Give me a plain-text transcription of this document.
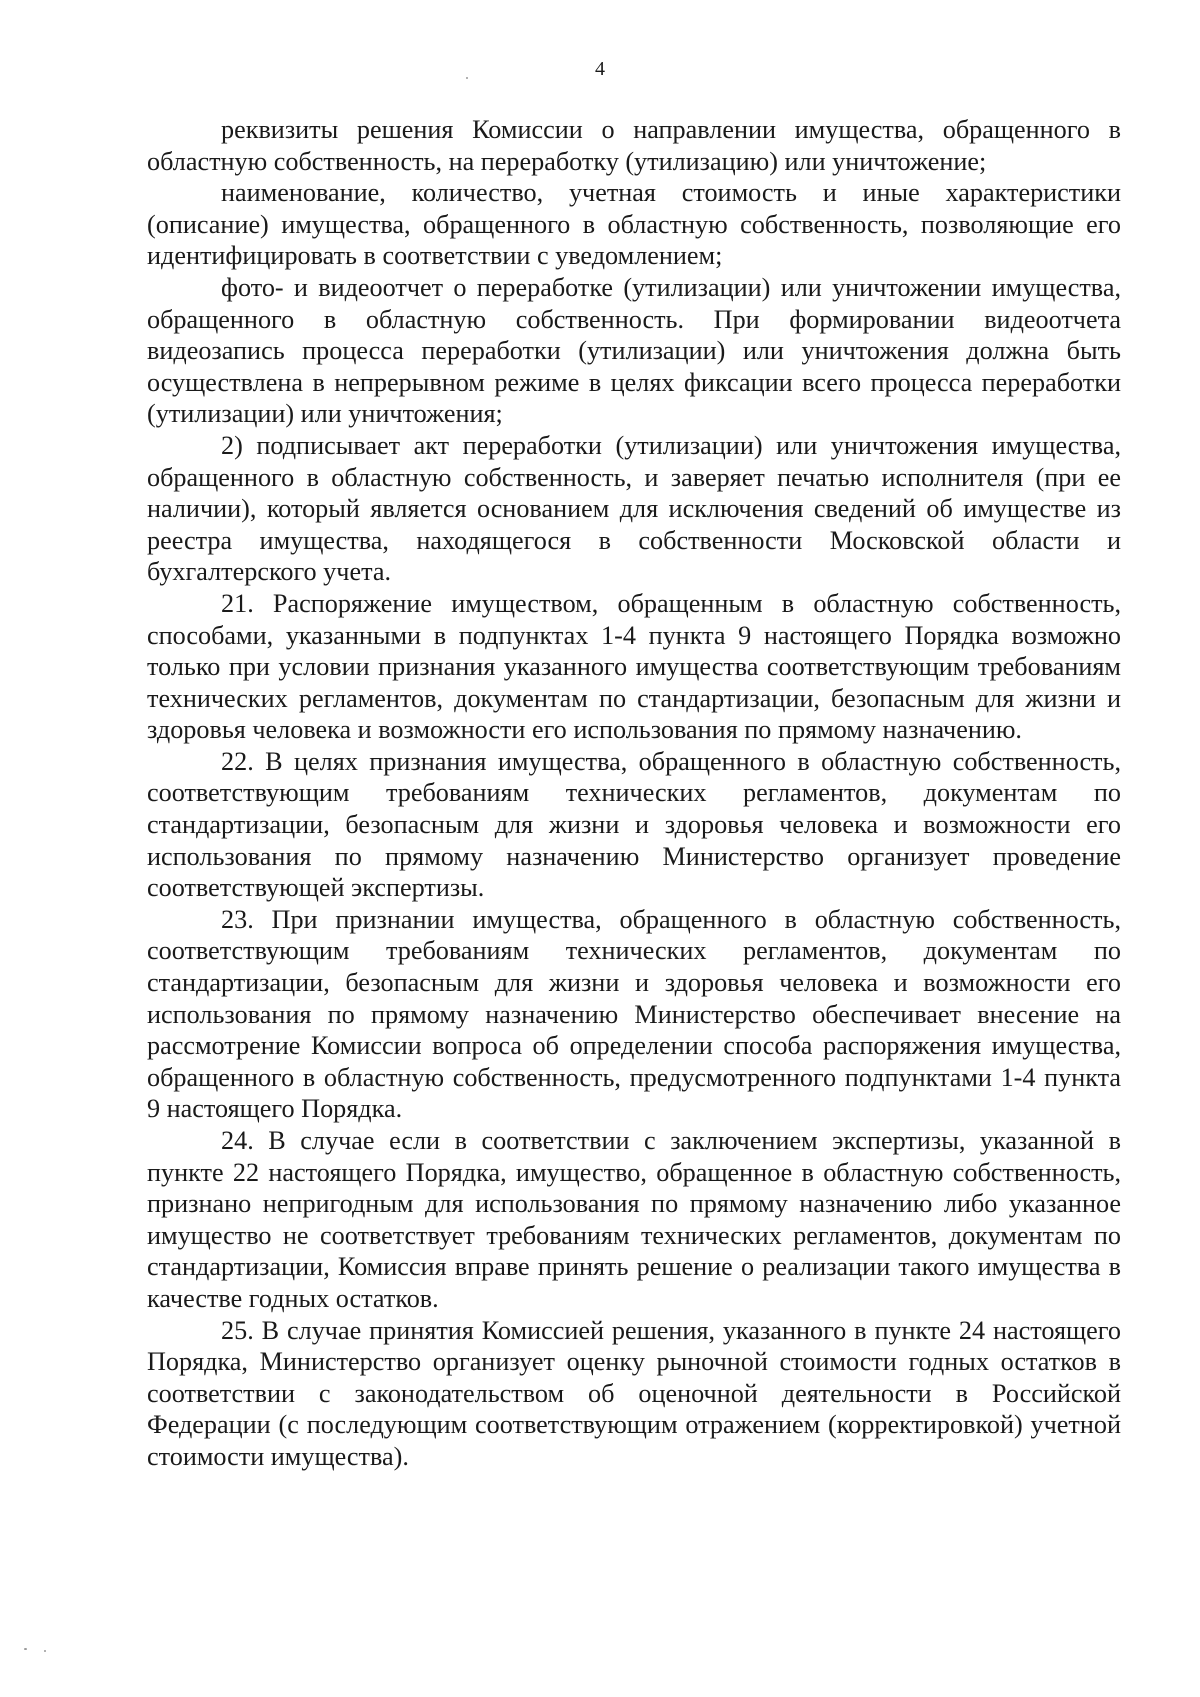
4

реквизиты решения Комиссии о направлении имущества, обращенного в областную собственность, на переработку (утилизацию) или уничтожение;

наименование, количество, учетная стоимость и иные характеристики (описание) имущества, обращенного в областную собственность, позволяющие его идентифицировать в соответствии с уведомлением;

фото- и видеоотчет о переработке (утилизации) или уничтожении имущества, обращенного в областную собственность. При формировании видеоотчета видеозапись процесса переработки (утилизации) или уничтожения должна быть осуществлена в непрерывном режиме в целях фиксации всего процесса переработки (утилизации) или уничтожения;

2) подписывает акт переработки (утилизации) или уничтожения имущества, обращенного в областную собственность, и заверяет печатью исполнителя (при ее наличии), который является основанием для исключения сведений об имуществе из реестра имущества, находящегося в собственности Московской области и бухгалтерского учета.

21. Распоряжение имуществом, обращенным в областную собственность, способами, указанными в подпунктах 1-4 пункта 9 настоящего Порядка возможно только при условии признания указанного имущества соответствующим требованиям технических регламентов, документам по стандартизации, безопасным для жизни и здоровья человека и возможности его использования по прямому назначению.

22. В целях признания имущества, обращенного в областную собственность, соответствующим требованиям технических регламентов, документам по стандартизации, безопасным для жизни и здоровья человека и возможности его использования по прямому назначению Министерство организует проведение соответствующей экспертизы.

23. При признании имущества, обращенного в областную собственность, соответствующим требованиям технических регламентов, документам по стандартизации, безопасным для жизни и здоровья человека и возможности его использования по прямому назначению Министерство обеспечивает внесение на рассмотрение Комиссии вопроса об определении способа распоряжения имущества, обращенного в областную собственность, предусмотренного подпунктами 1-4 пункта 9 настоящего Порядка.

24. В случае если в соответствии с заключением экспертизы, указанной в пункте 22 настоящего Порядка, имущество, обращенное в областную собственность, признано непригодным для использования по прямому назначению либо указанное имущество не соответствует требованиям технических регламентов, документам по стандартизации, Комиссия вправе принять решение о реализации такого имущества в качестве годных остатков.

25. В случае принятия Комиссией решения, указанного в пункте 24 настоящего Порядка, Министерство организует оценку рыночной стоимости годных остатков в соответствии с законодательством об оценочной деятельности в Российской Федерации (с последующим соответствующим отражением (корректировкой) учетной стоимости имущества).
